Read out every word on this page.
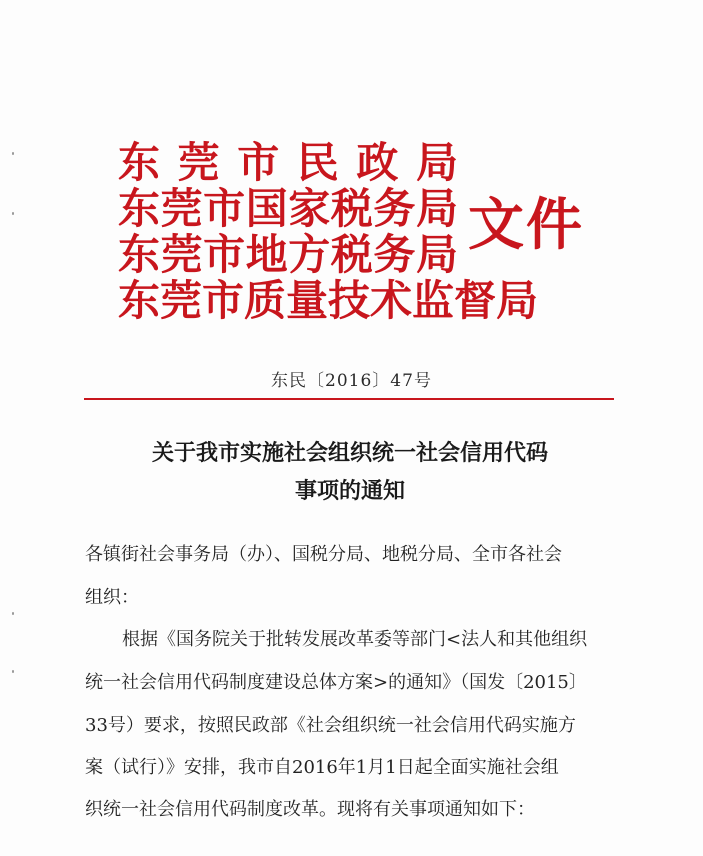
东莞市民政局
东莞市国家税务局
东莞市地方税务局
东莞市质量技术监督局
文件
东民〔2016〕47号
关于我市实施社会组织统一社会信用代码
事项的通知
各镇街社会事务局（办）、国税分局、地税分局、全市各社会
组织：
根据《国务院关于批转发展改革委等部门<法人和其他组织
统一社会信用代码制度建设总体方案>的通知》（国发〔2015〕
33号）要求，按照民政部《社会组织统一社会信用代码实施方
案（试行）》安排，我市自2016年1月1日起全面实施社会组
织统一社会信用代码制度改革。现将有关事项通知如下：
